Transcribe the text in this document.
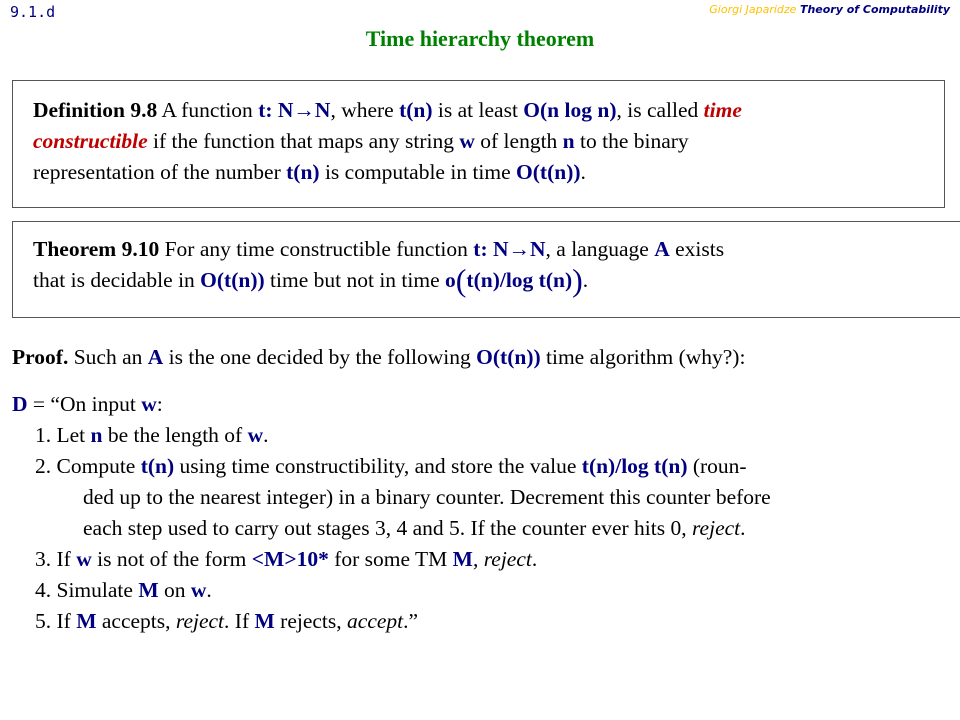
9.1.d	Giorgi Japaridze Theory of Computability
Time hierarchy theorem
Definition 9.8 A function t: N→N, where t(n) is at least O(n log n), is called time
constructible if the function that maps any string w of length n to the binary
representation of the number t(n) is computable in time O(t(n)).
Theorem 9.10 For any time constructible function t: N→N, a language A exists
that is decidable in O(t(n)) time but not in time o(t(n)/log t(n)).

Proof. Such an A is the one decided by the following O(t(n)) time algorithm (why?):

D = “On input w:

1. Let n be the length of w.

2. Compute t(n) using time constructibility, and store the value t(n)/log t(n) (roun-

ded up to the nearest integer) in a binary counter. Decrement this counter before

each step used to carry out stages 3, 4 and 5. If the counter ever hits 0, reject.

3. If w is not of the form <M>10* for some TM M, reject.

4. Simulate M on w.

5. If M accepts, reject. If M rejects, accept.”
